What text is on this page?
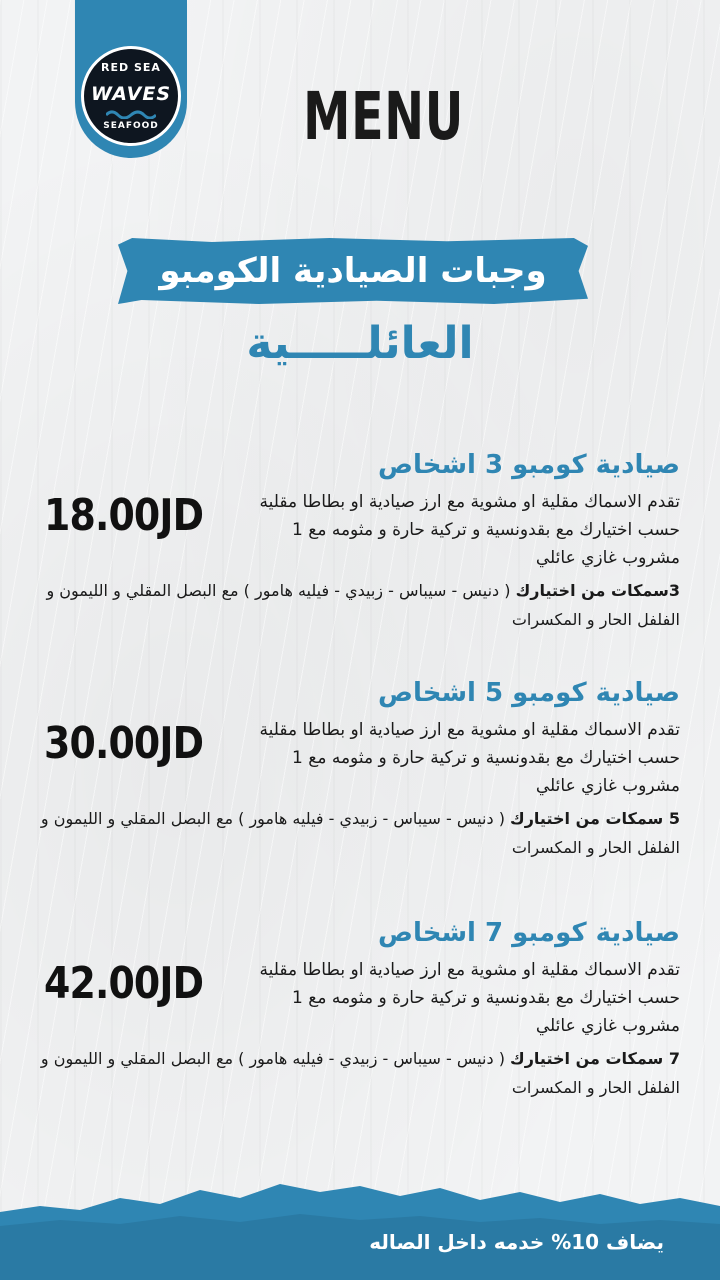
RED SEA
WAVES
SEAFOOD MENU
وجبات الصيادية الكومبو
العائلـــــية
صيادية كومبو 3 اشخاص
18.00JD	تقدم الاسماك مقلية او مشوية مع ارز صيادية او بطاطا مقلية حسب اختيارك مع بقدونسية و تركية حارة و مثومه مع 1 مشروب غازي عائلي
3سمكات من اختيارك ( دنيس - سيباس - زبيدي - فيليه هامور ) مع البصل المقلي و الليمون و الفلفل الحار و المكسرات
صيادية كومبو 5 اشخاص
30.00JD	تقدم الاسماك مقلية او مشوية مع ارز صيادية او بطاطا مقلية حسب اختيارك مع بقدونسية و تركية حارة و مثومه مع 1 مشروب غازي عائلي
5 سمكات من اختيارك ( دنيس - سيباس - زبيدي - فيليه هامور ) مع البصل المقلي و الليمون و الفلفل الحار و المكسرات
صيادية كومبو 7 اشخاص
42.00JD	تقدم الاسماك مقلية او مشوية مع ارز صيادية او بطاطا مقلية حسب اختيارك مع بقدونسية و تركية حارة و مثومه مع 1 مشروب غازي عائلي
7 سمكات من اختيارك ( دنيس - سيباس - زبيدي - فيليه هامور ) مع البصل المقلي و الليمون و الفلفل الحار و المكسرات
يضاف 10% خدمه داخل الصاله
